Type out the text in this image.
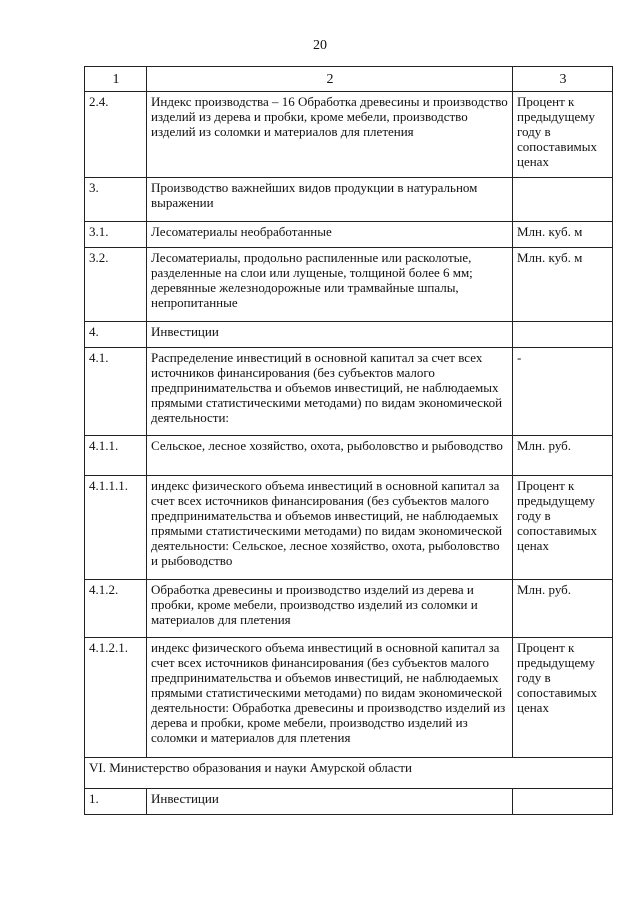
20
1	2	3
2.4.	Индекс производства – 16 Обработка древесины и производство изделий из дерева и пробки, кроме мебели, производство изделий из соломки и материалов для плетения	Процент к предыдущему году в сопоставимых ценах
3.	Производство важнейших видов продукции в натуральном выражении	
3.1.	Лесоматериалы необработанные	Млн. куб. м
3.2.	Лесоматериалы, продольно распиленные или расколотые, разделенные на слои или лущеные, толщиной более 6 мм; деревянные железнодорожные или трамвайные шпалы, непропитанные	Млн. куб. м
4.	Инвестиции	
4.1.	Распределение инвестиций в основной капитал за счет всех источников финансирования (без субъектов малого предпринимательства и объемов инвестиций, не наблюдаемых прямыми статистическими методами) по видам экономической деятельности:	-
4.1.1.	Сельское, лесное хозяйство, охота, рыболовство и рыбоводство	Млн. руб.
4.1.1.1.	индекс физического объема инвестиций в основной капитал за счет всех источников финансирования (без субъектов малого предпринимательства и объемов инвестиций, не наблюдаемых прямыми статистическими методами) по видам экономической деятельности: Сельское, лесное хозяйство, охота, рыболовство и рыбоводство	Процент к предыдущему году в сопоставимых ценах
4.1.2.	Обработка древесины и производство изделий из дерева и пробки, кроме мебели, производство изделий из соломки и материалов для плетения	Млн. руб.
4.1.2.1.	индекс физического объема инвестиций в основной капитал за счет всех источников финансирования (без субъектов малого предпринимательства и объемов инвестиций, не наблюдаемых прямыми статистическими методами) по видам экономической деятельности: Обработка древесины и производство изделий из дерева и пробки, кроме мебели, производство изделий из соломки и материалов для плетения	Процент к предыдущему году в сопоставимых ценах
VI. Министерство образования и науки Амурской области		
1.	Инвестиции	
